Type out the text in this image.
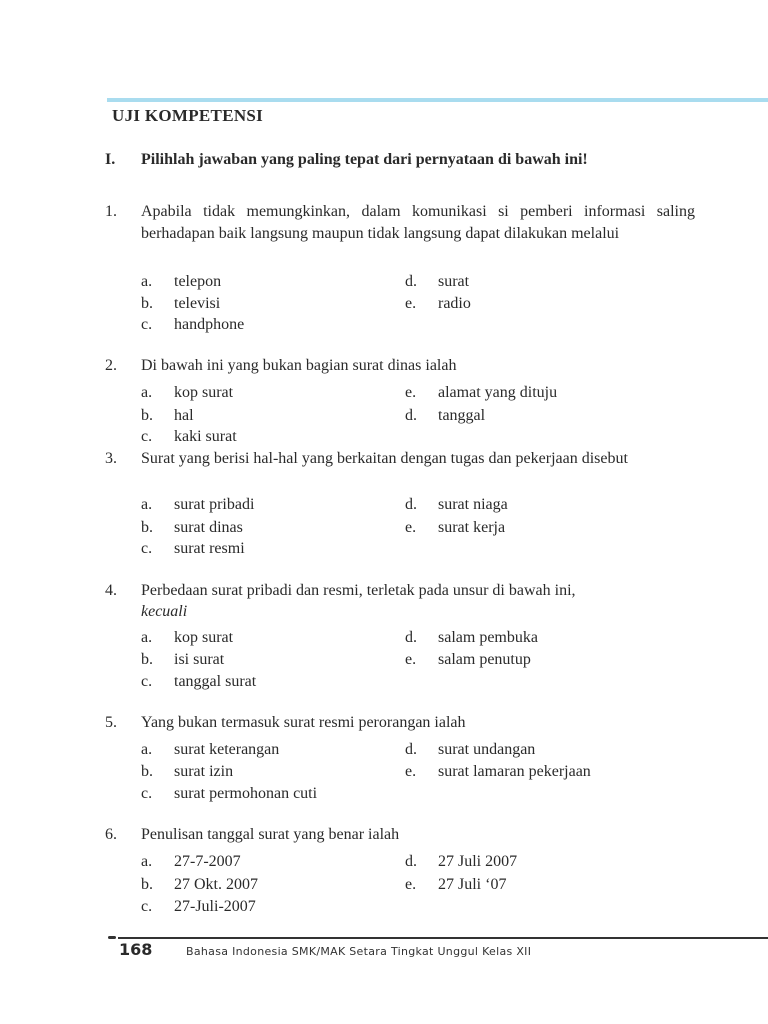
UJI KOMPETENSI
I.	Pilihlah jawaban yang paling tepat dari pernyataan di bawah ini!
1. Apabila tidak memungkinkan, dalam komunikasi si pemberi informasi saling berhadapan baik langsung maupun tidak langsung dapat dilakukan melalui
a. telepon
b. televisi
c. handphone
d. surat
e. radio
2. Di bawah ini yang bukan bagian surat dinas ialah
a. kop surat
b. hal
c. kaki surat
e. alamat yang dituju
d. tanggal
3. Surat yang berisi hal-hal yang berkaitan dengan tugas dan pekerjaan disebut
a. surat pribadi
b. surat dinas
c. surat resmi
d. surat niaga
e. surat kerja
4. Perbedaan surat pribadi dan resmi, terletak pada unsur di bawah ini,
kecuali
a. kop surat
b. isi surat
c. tanggal surat
d. salam pembuka
e. salam penutup
5. Yang bukan termasuk surat resmi perorangan ialah
a. surat keterangan
b. surat izin
c. surat permohonan cuti
d. surat undangan
e. surat lamaran pekerjaan
6. Penulisan tanggal surat yang benar ialah
a. 27-7-2007
b. 27 Okt. 2007
c. 27-Juli-2007
d. 27 Juli 2007
e. 27 Juli ‘07
168	Bahasa Indonesia SMK/MAK Setara Tingkat Unggul Kelas XII
